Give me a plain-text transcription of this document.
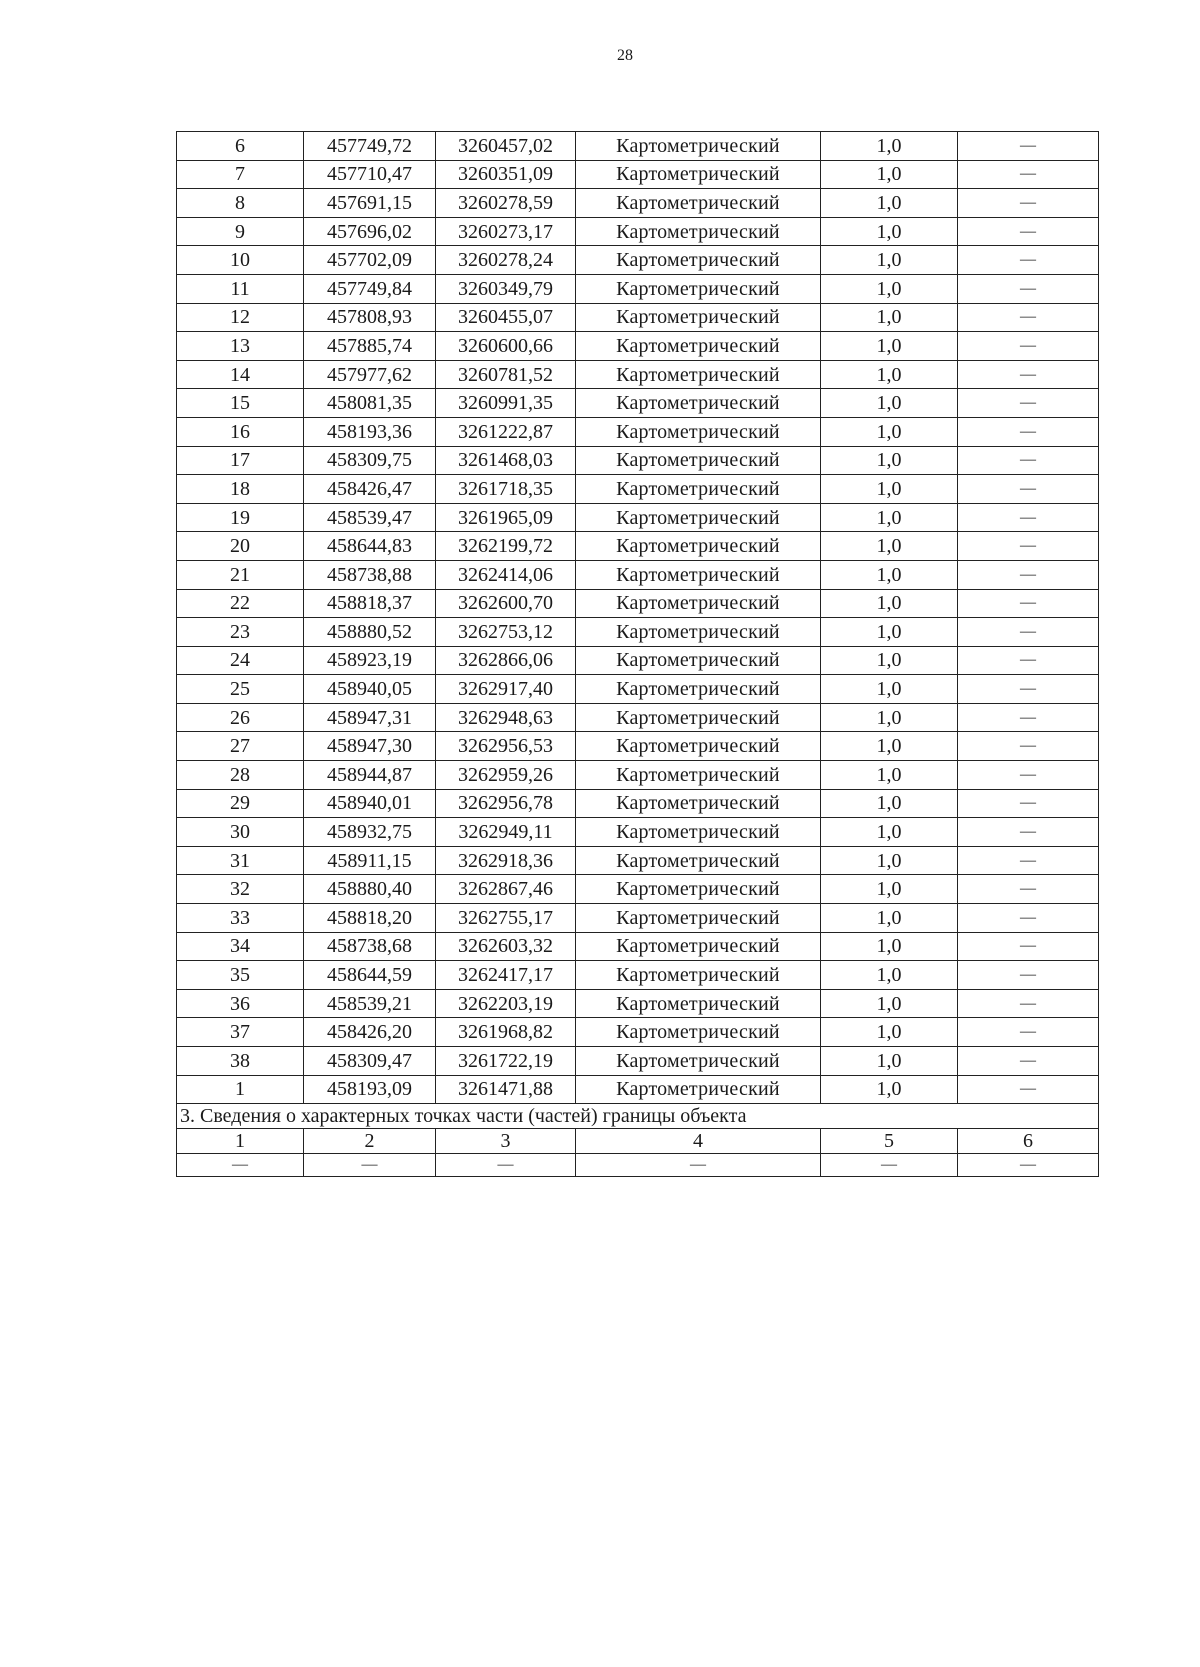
28
6	457749,72	3260457,02	Картометрический	1,0	—
7	457710,47	3260351,09	Картометрический	1,0	—
8	457691,15	3260278,59	Картометрический	1,0	—
9	457696,02	3260273,17	Картометрический	1,0	—
10	457702,09	3260278,24	Картометрический	1,0	—
11	457749,84	3260349,79	Картометрический	1,0	—
12	457808,93	3260455,07	Картометрический	1,0	—
13	457885,74	3260600,66	Картометрический	1,0	—
14	457977,62	3260781,52	Картометрический	1,0	—
15	458081,35	3260991,35	Картометрический	1,0	—
16	458193,36	3261222,87	Картометрический	1,0	—
17	458309,75	3261468,03	Картометрический	1,0	—
18	458426,47	3261718,35	Картометрический	1,0	—
19	458539,47	3261965,09	Картометрический	1,0	—
20	458644,83	3262199,72	Картометрический	1,0	—
21	458738,88	3262414,06	Картометрический	1,0	—
22	458818,37	3262600,70	Картометрический	1,0	—
23	458880,52	3262753,12	Картометрический	1,0	—
24	458923,19	3262866,06	Картометрический	1,0	—
25	458940,05	3262917,40	Картометрический	1,0	—
26	458947,31	3262948,63	Картометрический	1,0	—
27	458947,30	3262956,53	Картометрический	1,0	—
28	458944,87	3262959,26	Картометрический	1,0	—
29	458940,01	3262956,78	Картометрический	1,0	—
30	458932,75	3262949,11	Картометрический	1,0	—
31	458911,15	3262918,36	Картометрический	1,0	—
32	458880,40	3262867,46	Картометрический	1,0	—
33	458818,20	3262755,17	Картометрический	1,0	—
34	458738,68	3262603,32	Картометрический	1,0	—
35	458644,59	3262417,17	Картометрический	1,0	—
36	458539,21	3262203,19	Картометрический	1,0	—
37	458426,20	3261968,82	Картометрический	1,0	—
38	458309,47	3261722,19	Картометрический	1,0	—
1	458193,09	3261471,88	Картометрический	1,0	—
3. Сведения о характерных точках части (частей) границы объекта					
1	2	3	4	5	6
—	—	—	—	—	—
